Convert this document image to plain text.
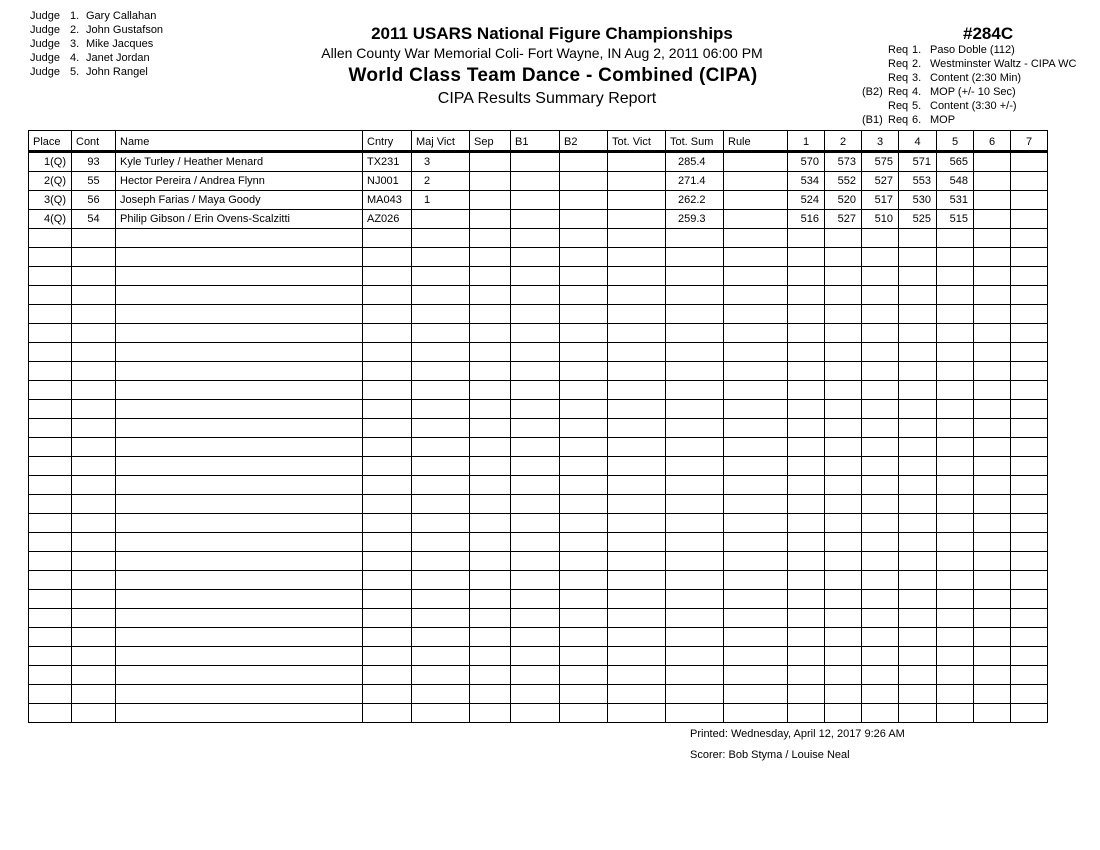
Judge 1. Gary Callahan
Judge 2. John Gustafson
Judge 3. Mike Jacques
Judge 4. Janet Jordan
Judge 5. John Rangel
2011 USARS National Figure Championships
Allen County War Memorial Coli- Fort Wayne, IN Aug 2, 2011 06:00 PM
World Class Team Dance - Combined (CIPA)
CIPA Results Summary Report
#284C
Req 1. Paso Doble (112)
Req 2. Westminster Waltz - CIPA WC
Req 3. Content (2:30 Min)
(B2) Req 4. MOP (+/- 10 Sec)
Req 5. Content (3:30 +/-)
(B1) Req 6. MOP
Place	Cont	Name	Cntry	Maj Vict	Sep	B1	B2	Tot. Vict	Tot. Sum	Rule	1	2	3	4	5	6	7
1(Q)	93	Kyle Turley / Heather Menard	TX231	3					285.4		570	573	575	571	565		
2(Q)	55	Hector Pereira / Andrea Flynn	NJ001	2					271.4		534	552	527	553	548		
3(Q)	56	Joseph Farias / Maya Goody	MA043	1					262.2		524	520	517	530	531		
4(Q)	54	Philip Gibson / Erin Ovens-Scalzitti	AZ026						259.3		516	527	510	525	515		

Printed: Wednesday, April 12, 2017 9:26 AM
Scorer: Bob Styma / Louise Neal
